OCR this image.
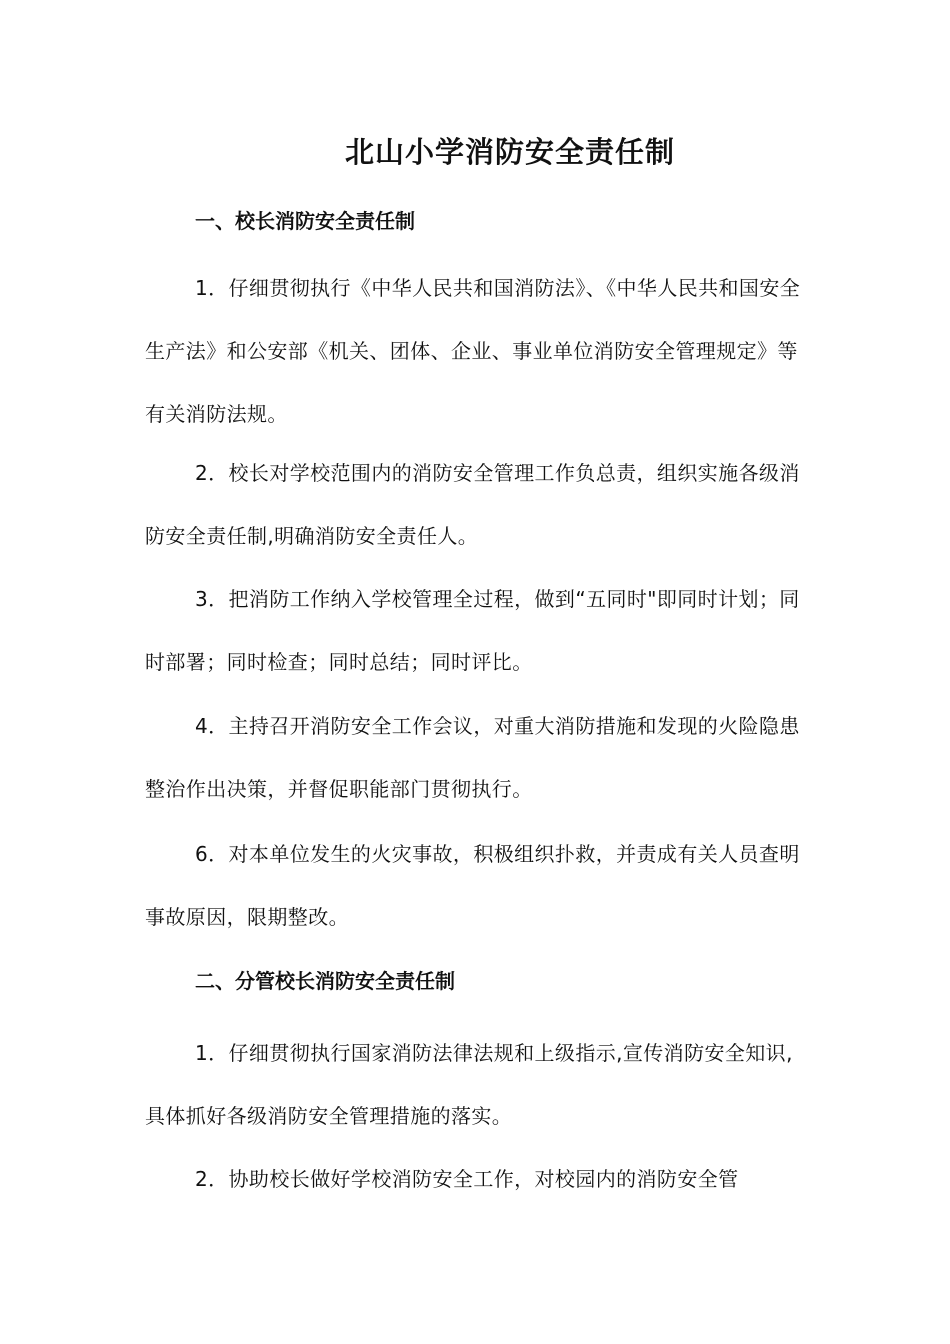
北山小学消防安全责任制
一、校长消防安全责任制

1．仔细贯彻执行《中华人民共和国消防法》、《中华人民共和国安全生产法》和公安部《机关、团体、企业、事业单位消防安全管理规定》等有关消防法规。

2．校长对学校范围内的消防安全管理工作负总责，组织实施各级消防安全责任制,明确消防安全责任人。

3．把消防工作纳入学校管理全过程，做到“五同时"即同时计划；同时部署；同时检查；同时总结；同时评比。

4．主持召开消防安全工作会议，对重大消防措施和发现的火险隐患整治作出决策，并督促职能部门贯彻执行。

6．对本单位发生的火灾事故，积极组织扑救，并责成有关人员查明事故原因，限期整改。

二、分管校长消防安全责任制

1．仔细贯彻执行国家消防法律法规和上级指示,宣传消防安全知识,具体抓好各级消防安全管理措施的落实。

2．协助校长做好学校消防安全工作，对校园内的消防安全管
